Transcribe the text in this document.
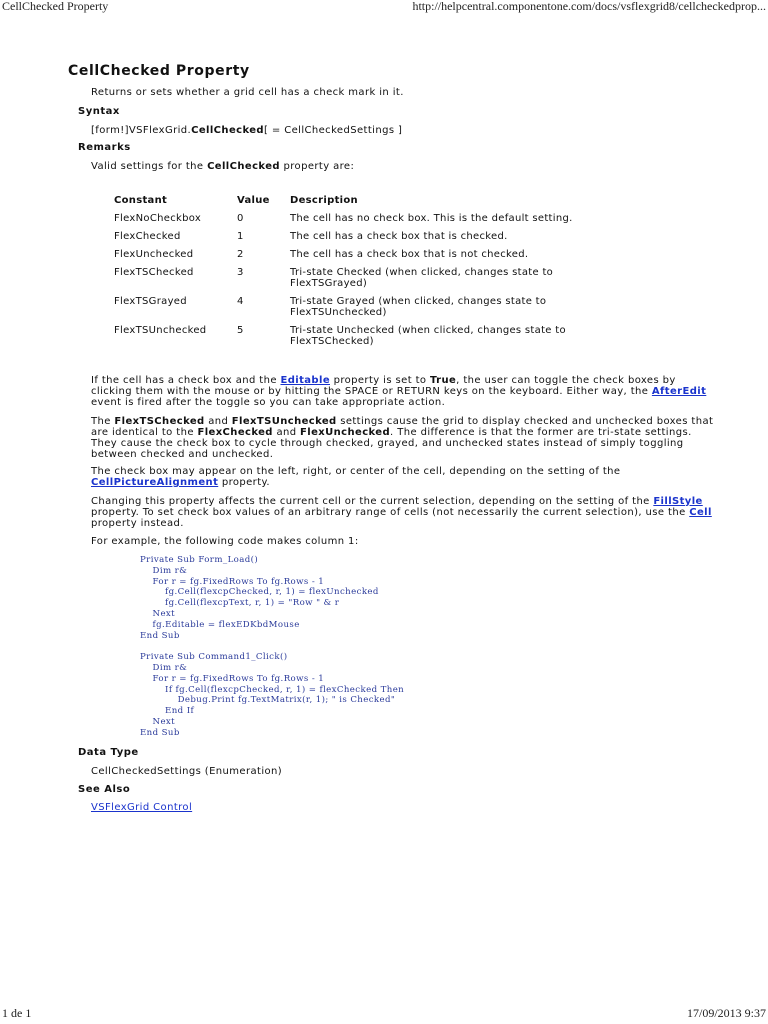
CellChecked Property	http://helpcentral.componentone.com/docs/vsflexgrid8/cellcheckedprop...
CellChecked Property
Returns or sets whether a grid cell has a check mark in it.
Syntax
[form!]VSFlexGrid.CellChecked[ = CellCheckedSettings ]
Remarks
Valid settings for the CellChecked property are:
Constant	Value	Description
FlexNoCheckbox	0	The cell has no check box. This is the default setting.
FlexChecked	1	The cell has a check box that is checked.
FlexUnchecked	2	The cell has a check box that is not checked.
FlexTSChecked	3	Tri-state Checked (when clicked, changes state to
FlexTSGrayed)
FlexTSGrayed	4	Tri-state Grayed (when clicked, changes state to
FlexTSUnchecked)
FlexTSUnchecked	5	Tri-state Unchecked (when clicked, changes state to
FlexTSChecked)
If the cell has a check box and the Editable property is set to True, the user can toggle the check boxes by
clicking them with the mouse or by hitting the SPACE or RETURN keys on the keyboard. Either way, the AfterEdit
event is fired after the toggle so you can take appropriate action.
The FlexTSChecked and FlexTSUnchecked settings cause the grid to display checked and unchecked boxes that
are identical to the FlexChecked and FlexUnchecked. The difference is that the former are tri-state settings.
They cause the check box to cycle through checked, grayed, and unchecked states instead of simply toggling
between checked and unchecked.
The check box may appear on the left, right, or center of the cell, depending on the setting of the
CellPictureAlignment property.
Changing this property affects the current cell or the current selection, depending on the setting of the FillStyle
property. To set check box values of an arbitrary range of cells (not necessarily the current selection), use the Cell
property instead.
For example, the following code makes column 1:
Private Sub Form_Load()
Dim r&
For r = fg.FixedRows To fg.Rows - 1
fg.Cell(flexcpChecked, r, 1) = flexUnchecked
fg.Cell(flexcpText, r, 1) = "Row " & r
Next
fg.Editable = flexEDKbdMouse
End Sub

Private Sub Command1_Click()
Dim r&
For r = fg.FixedRows To fg.Rows - 1
If fg.Cell(flexcpChecked, r, 1) = flexChecked Then
Debug.Print fg.TextMatrix(r, 1); " is Checked"
End If
Next
End Sub
Data Type
CellCheckedSettings (Enumeration)
See Also
VSFlexGrid Control
1 de 1	17/09/2013 9:37
